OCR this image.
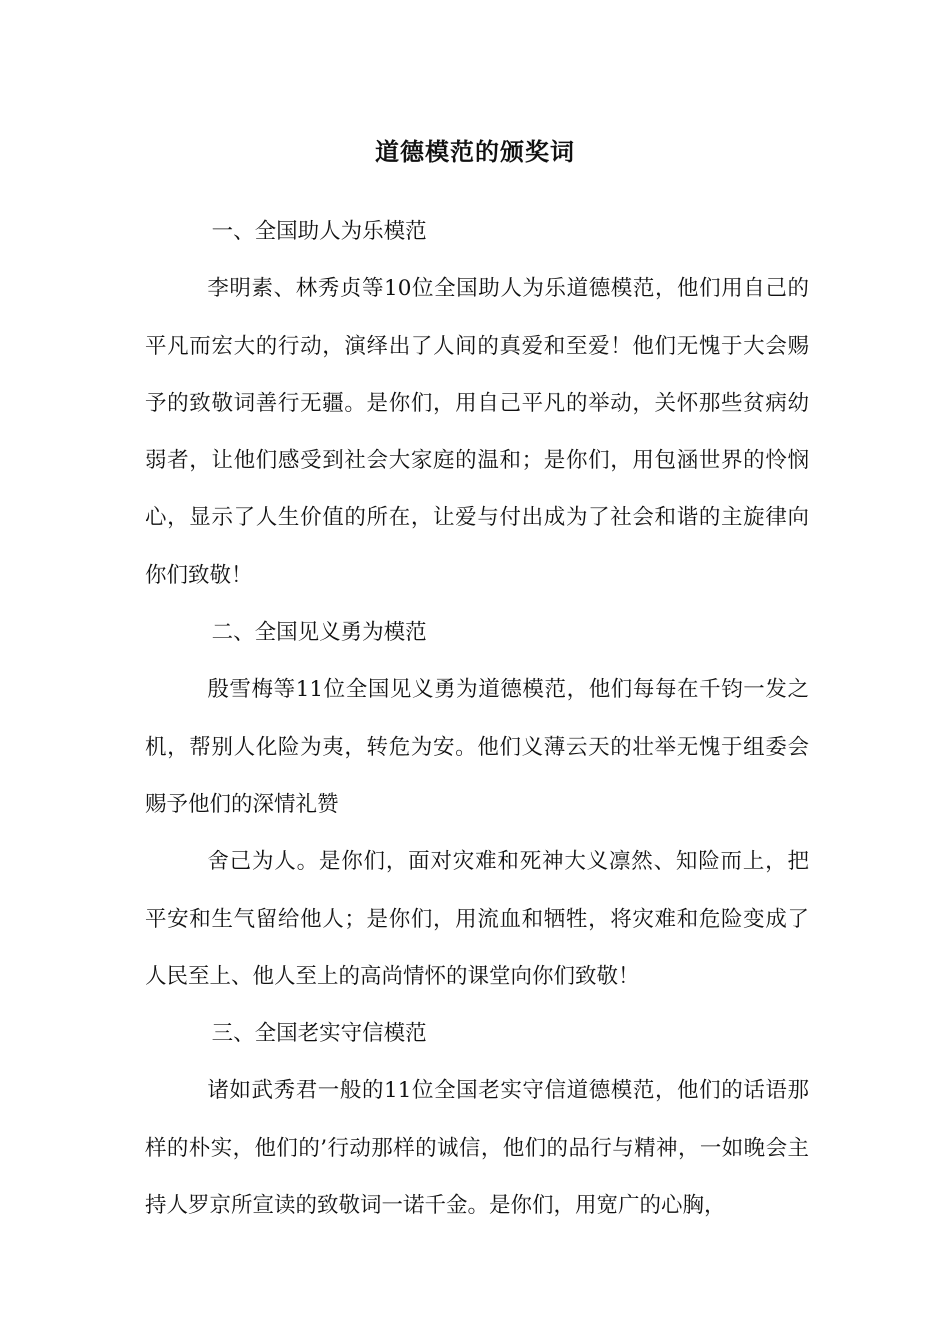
道德模范的颁奖词

一、全国助人为乐模范

李明素、林秀贞等10位全国助人为乐道德模范，他们用自己的平凡而宏大的行动，演绎出了人间的真爱和至爱！他们无愧于大会赐予的致敬词善行无疆。是你们，用自己平凡的举动，关怀那些贫病幼弱者，让他们感受到社会大家庭的温和；是你们，用包涵世界的怜悯心，显示了人生价值的所在，让爱与付出成为了社会和谐的主旋律向你们致敬！

二、全国见义勇为模范

殷雪梅等11位全国见义勇为道德模范，他们每每在千钧一发之机，帮别人化险为夷，转危为安。他们义薄云天的壮举无愧于组委会赐予他们的深情礼赞

舍己为人。是你们，面对灾难和死神大义凛然、知险而上，把平安和生气留给他人；是你们，用流血和牺牲，将灾难和危险变成了人民至上、他人至上的高尚情怀的课堂向你们致敬！

三、全国老实守信模范

诸如武秀君一般的11位全国老实守信道德模范，他们的话语那样的朴实，他们的’行动那样的诚信，他们的品行与精神，一如晚会主持人罗京所宣读的致敬词一诺千金。是你们，用宽广的心胸，
